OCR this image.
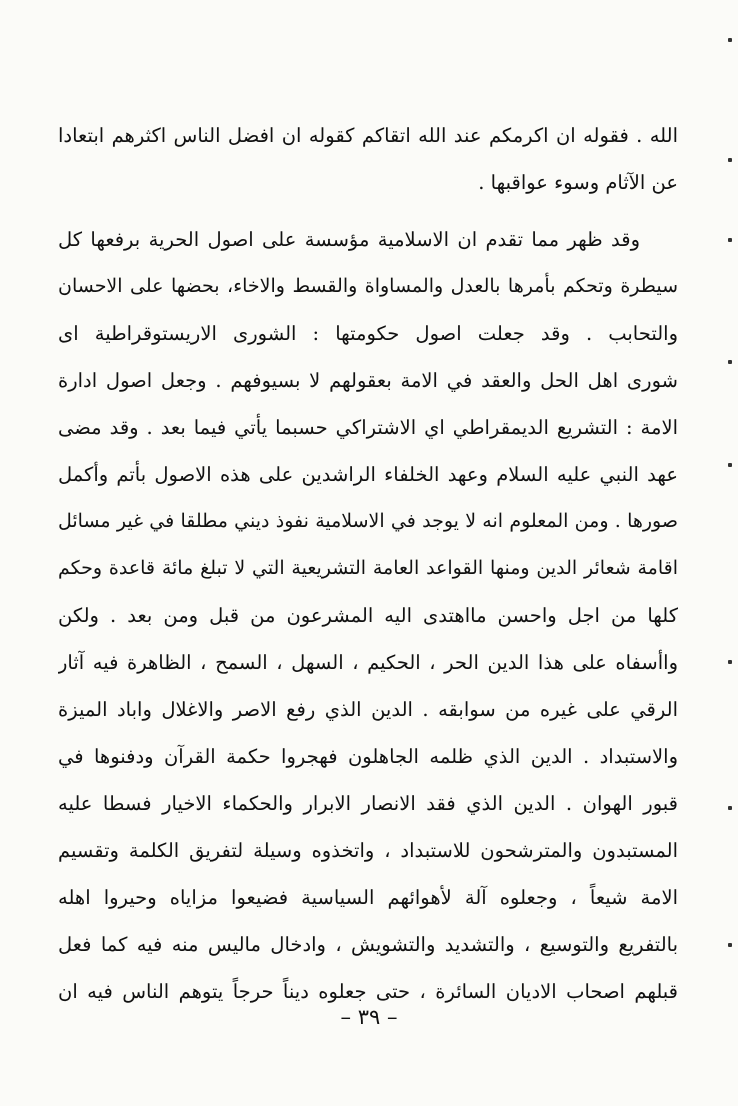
الله . فقوله ان اكرمكم عند الله اتقاكم كقوله ان افضل الناس اكثرهم ابتعادا
عن الآثام وسوء عواقبها .
وقد ظهر مما تقدم ان الاسلامية مؤسسة على اصول الحرية برفعها كل
سيطرة وتحكم بأمرها بالعدل والمساواة والقسط والاخاء، بحضها على الاحسان
والتحابب . وقد جعلت اصول حكومتها : الشورى الاريستوقراطية اى
شورى اهل الحل والعقد في الامة بعقولهم لا بسيوفهم . وجعل اصول ادارة
الامة : التشريع الديمقراطي اي الاشتراكي حسبما يأتي فيما بعد . وقد مضى
عهد النبي عليه السلام وعهد الخلفاء الراشدين على هذه الاصول بأتم وأكمل
صورها . ومن المعلوم انه لا يوجد في الاسلامية نفوذ ديني مطلقا في غير مسائل
اقامة شعائر الدين ومنها القواعد العامة التشريعية التي لا تبلغ مائة قاعدة وحكم
كلها من اجل واحسن مااهتدى اليه المشرعون من قبل ومن بعد . ولكن
واأسفاه على هذا الدين الحر ، الحكيم ، السهل ، السمح ، الظاهرة فيه آثار
الرقي على غيره من سوابقه . الدين الذي رفع الاصر والاغلال واباد الميزة
والاستبداد . الدين الذي ظلمه الجاهلون فهجروا حكمة القرآن ودفنوها في
قبور الهوان . الدين الذي فقد الانصار الابرار والحكماء الاخيار فسطا عليه
المستبدون والمترشحون للاستبداد ، واتخذوه وسيلة لتفريق الكلمة وتقسيم
الامة شيعاً ، وجعلوه آلة لأهوائهم السياسية فضيعوا مزاياه وحيروا اهله
بالتفريع والتوسيع ، والتشديد والتشويش ، وادخال ماليس منه فيه كما فعل
قبلهم اصحاب الاديان السائرة ، حتى جعلوه ديناً حرجاً يتوهم الناس فيه ان
– ٣٩ –
